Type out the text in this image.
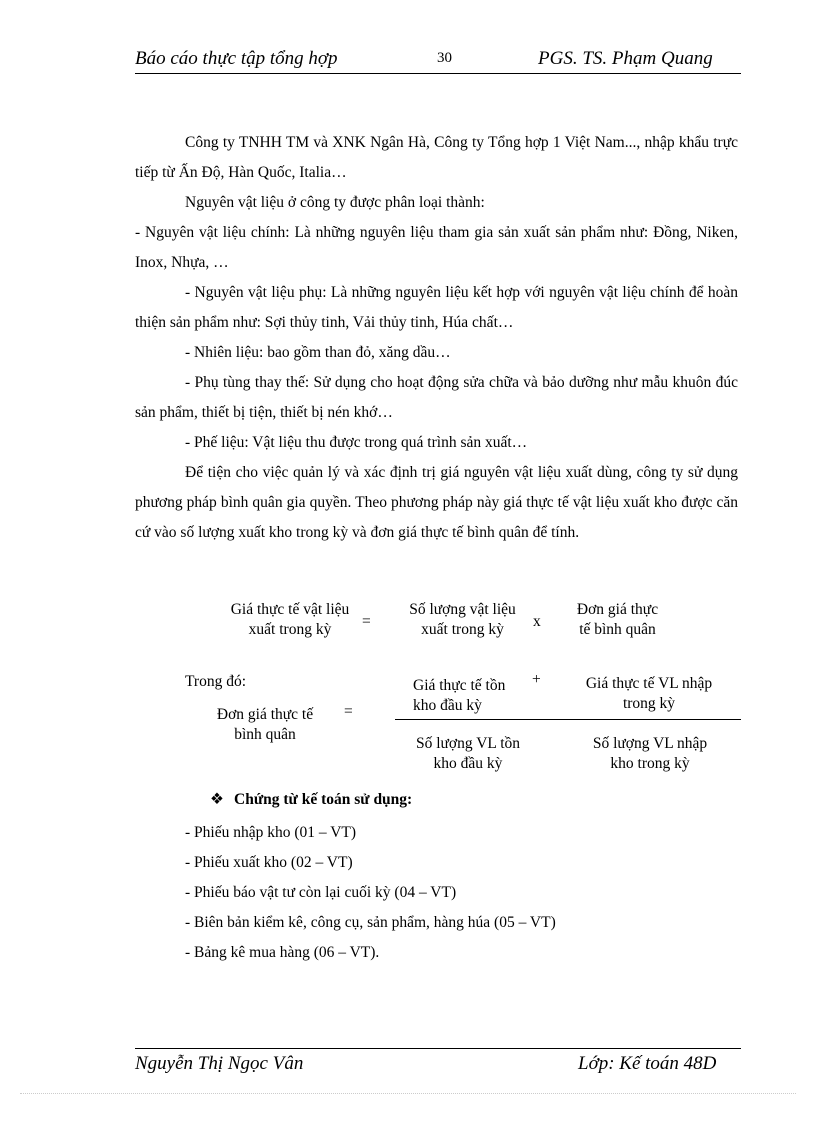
Báo cáo thực tập tổng hợp	30	PGS. TS. Phạm Quang

Công ty TNHH TM và XNK Ngân Hà, Công ty Tổng hợp 1 Việt Nam..., nhập khẩu trực tiếp từ Ấn Độ, Hàn Quốc, Italia…

Nguyên vật liệu ở công ty được phân loại thành:

- Nguyên vật liệu chính: Là những nguyên liệu tham gia sản xuất sản phẩm như: Đồng, Niken, Inox, Nhựa, …

- Nguyên vật liệu phụ: Là những nguyên liệu kết hợp với nguyên vật liệu chính để hoàn thiện sản phẩm như: Sợi thủy tinh, Vải thủy tinh, Húa chất…

- Nhiên liệu: bao gồm than đỏ, xăng dầu…

- Phụ tùng thay thế: Sử dụng cho hoạt động sửa chữa và bảo dưỡng như mẫu khuôn đúc sản phẩm, thiết bị tiện, thiết bị nén khớ…

- Phế liệu: Vật liệu thu được trong quá trình sản xuất…

Để tiện cho việc quản lý và xác định trị giá nguyên vật liệu xuất dùng, công ty sử dụng phương pháp bình quân gia quyền. Theo phương pháp này giá thực tế vật liệu xuất kho được căn cứ vào số lượng xuất kho trong kỳ và đơn giá thực tế bình quân để tính.

Giá thực tế vật liệu xuất trong kỳ	=
Số lượng vật liệu xuất trong kỳ	x
Đơn giá thực tế bình quân
Trong đó:
Đơn giá thực tế bình quân
=
Giá thực tế tồn kho đầu kỳ
+	Giá thực tế VL nhập trong kỳ
Số lượng VL tồn kho đầu kỳ
Số lượng VL nhập kho trong kỳ
❖ Chứng từ kế toán sử dụng:
- Phiếu nhập kho (01 – VT)
- Phiếu xuất kho (02 – VT)
- Phiếu báo vật tư còn lại cuối kỳ (04 – VT)
- Biên bản kiểm kê, công cụ, sản phẩm, hàng húa (05 – VT)
- Bảng kê mua hàng (06 – VT).
Nguyễn Thị Ngọc Vân	Lớp: Kế toán 48D
